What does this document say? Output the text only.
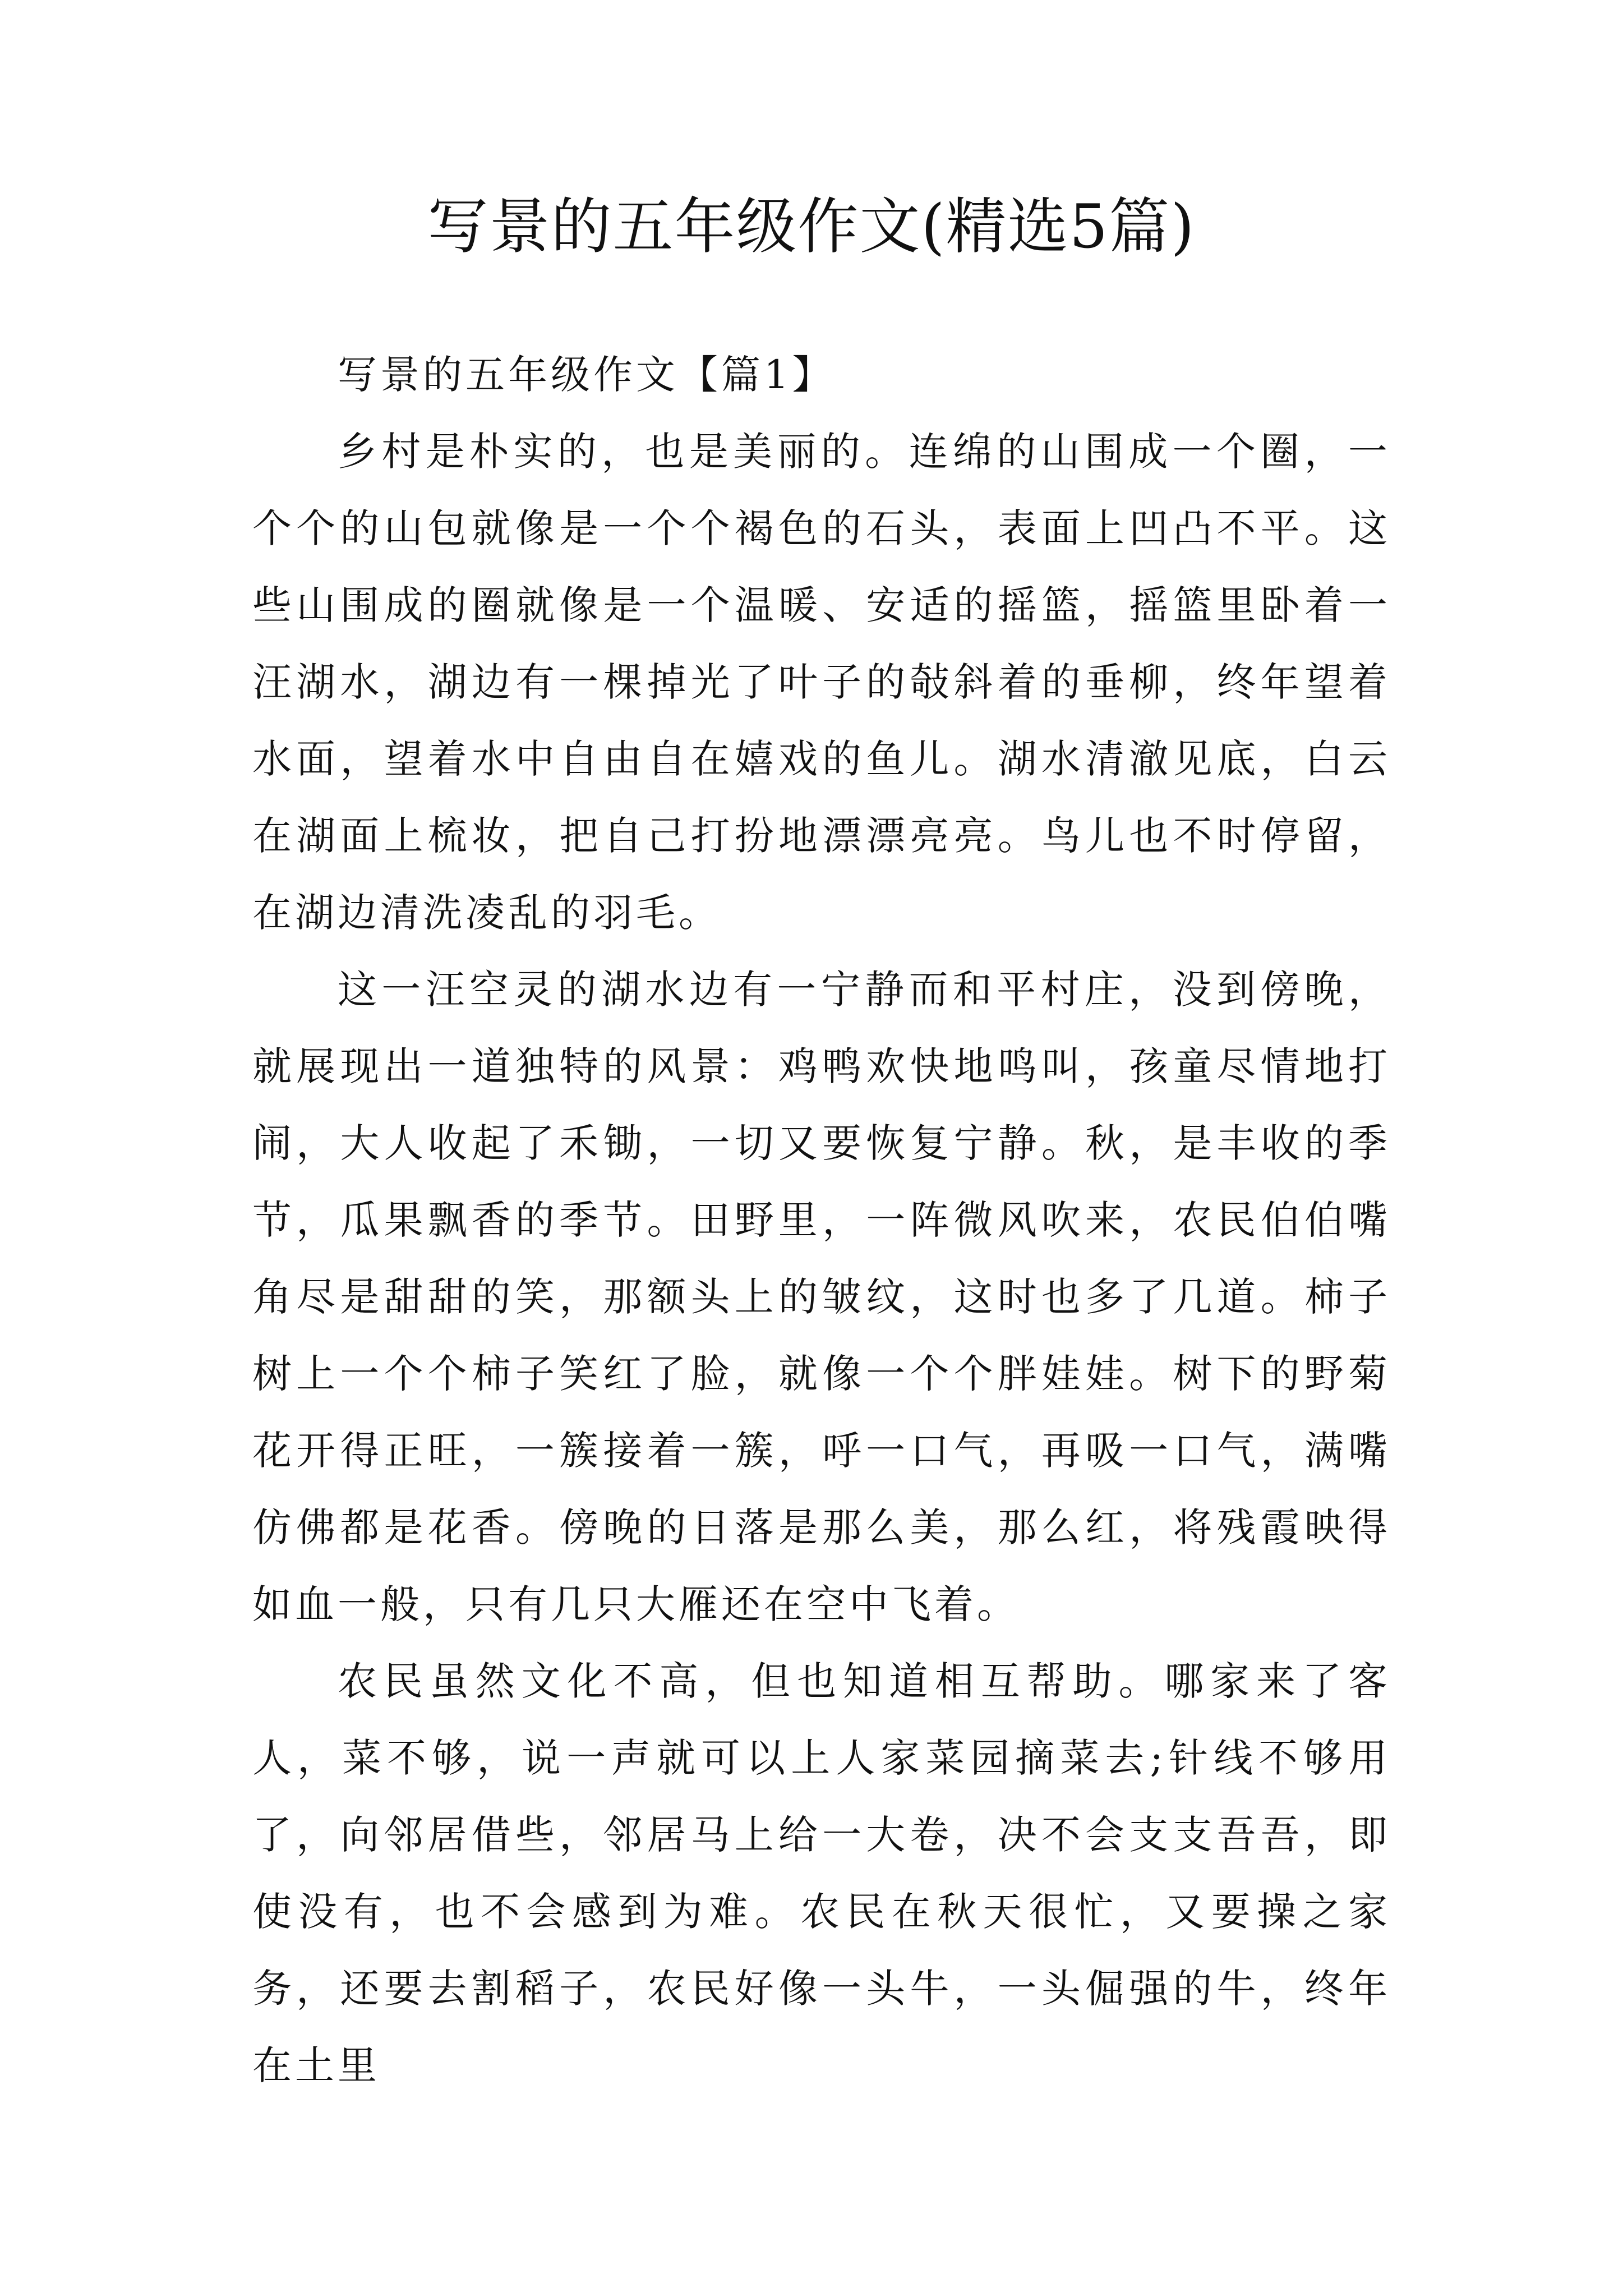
写景的五年级作文(精选5篇)

写景的五年级作文【篇1】

乡村是朴实的，也是美丽的。连绵的山围成一个圈，一个个的山包就像是一个个褐色的石头，表面上凹凸不平。这些山围成的圈就像是一个温暖、安适的摇篮，摇篮里卧着一汪湖水，湖边有一棵掉光了叶子的敧斜着的垂柳，终年望着水面，望着水中自由自在嬉戏的鱼儿。湖水清澈见底，白云在湖面上梳妆，把自己打扮地漂漂亮亮。鸟儿也不时停留，在湖边清洗凌乱的羽毛。

这一汪空灵的湖水边有一宁静而和平村庄，没到傍晚，就展现出一道独特的风景：鸡鸭欢快地鸣叫，孩童尽情地打闹，大人收起了禾锄，一切又要恢复宁静。秋，是丰收的季节，瓜果飘香的季节。田野里，一阵微风吹来，农民伯伯嘴角尽是甜甜的笑，那额头上的皱纹，这时也多了几道。柿子树上一个个柿子笑红了脸，就像一个个胖娃娃。树下的野菊花开得正旺，一簇接着一簇，呼一口气，再吸一口气，满嘴仿佛都是花香。傍晚的日落是那么美，那么红，将残霞映得如血一般，只有几只大雁还在空中飞着。

农民虽然文化不高，但也知道相互帮助。哪家来了客人，菜不够，说一声就可以上人家菜园摘菜去;针线不够用了，向邻居借些，邻居马上给一大卷，决不会支支吾吾，即使没有，也不会感到为难。农民在秋天很忙，又要操之家务，还要去割稻子，农民好像一头牛，一头倔强的牛，终年在土里
